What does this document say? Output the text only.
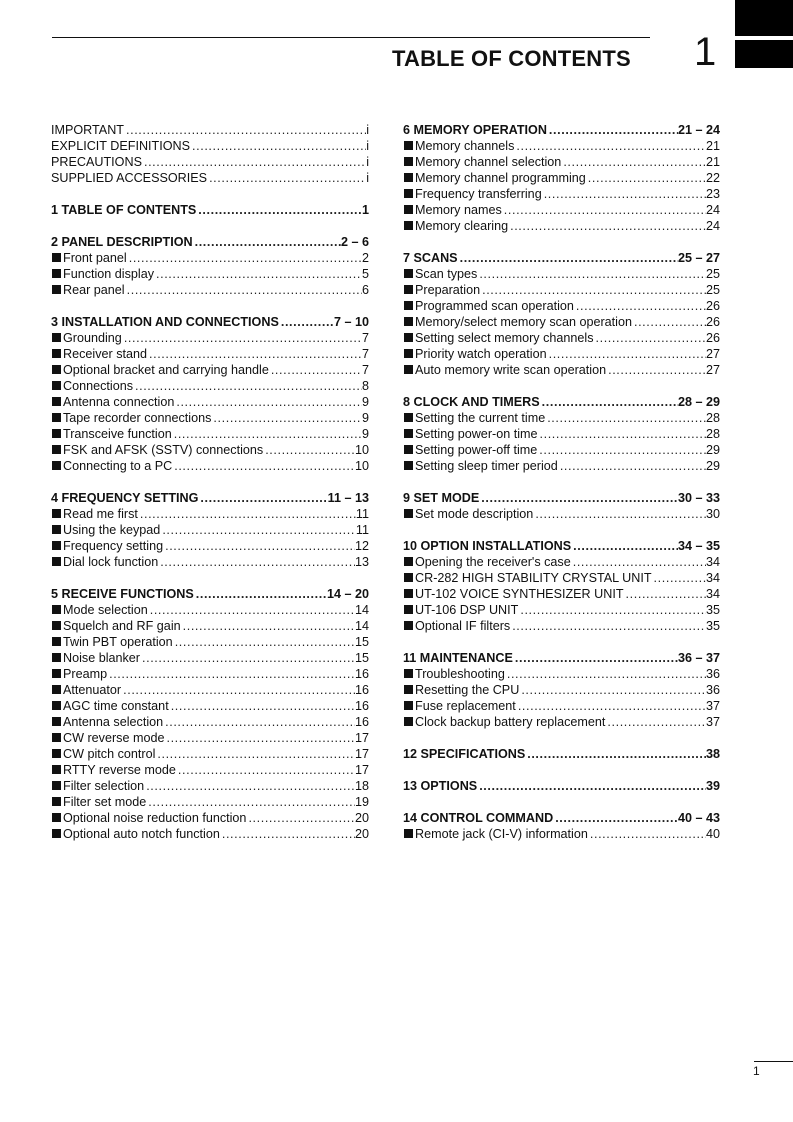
TABLE OF CONTENTS 1
IMPORTANT .....	i
EXPLICIT DEFINITIONS .....	i
PRECAUTIONS .....	i
SUPPLIED ACCESSORIES .....	i
1 TABLE OF CONTENTS .....	1
2 PANEL DESCRIPTION .....	2 – 6
Front panel .....	2
Function display .....	5
Rear panel .....	6
3 INSTALLATION AND CONNECTIONS .....	7 – 10
Grounding .....	7
Receiver stand .....	7
Optional bracket and carrying handle .....	7
Connections .....	8
Antenna connection .....	9
Tape recorder connections .....	9
Transceive function .....	9
FSK and AFSK (SSTV) connections .....	10
Connecting to a PC .....	10
4 FREQUENCY SETTING .....	11 – 13
Read me first .....	11
Using the keypad .....	11
Frequency setting .....	12
Dial lock function .....	13
5 RECEIVE FUNCTIONS .....	14 – 20
Mode selection .....	14
Squelch and RF gain .....	14
Twin PBT operation .....	15
Noise blanker .....	15
Preamp .....	16
Attenuator .....	16
AGC time constant .....	16
Antenna selection .....	16
CW reverse mode .....	17
CW pitch control .....	17
RTTY reverse mode .....	17
Filter selection .....	18
Filter set mode .....	19
Optional noise reduction function .....	20
Optional auto notch function .....	20
6 MEMORY OPERATION .....	21 – 24
Memory channels .....	21
Memory channel selection .....	21
Memory channel programming .....	22
Frequency transferring .....	23
Memory names .....	24
Memory clearing .....	24
7 SCANS .....	25 – 27
Scan types .....	25
Preparation .....	25
Programmed scan operation .....	26
Memory/select memory scan operation .....	26
Setting select memory channels .....	26
Priority watch operation .....	27
Auto memory write scan operation .....	27
8 CLOCK AND TIMERS .....	28 – 29
Setting the current time .....	28
Setting power-on time .....	28
Setting power-off time .....	29
Setting sleep timer period .....	29
9 SET MODE .....	30 – 33
Set mode description .....	30
10 OPTION INSTALLATIONS .....	34 – 35
Opening the receiver's case .....	34
CR-282 HIGH STABILITY CRYSTAL UNIT .....	34
UT-102 VOICE SYNTHESIZER UNIT .....	34
UT-106 DSP UNIT .....	35
Optional IF filters .....	35
11 MAINTENANCE .....	36 – 37
Troubleshooting .....	36
Resetting the CPU .....	36
Fuse replacement .....	37
Clock backup battery replacement .....	37
12 SPECIFICATIONS .....	38
13 OPTIONS .....	39
14 CONTROL COMMAND .....	40 – 43
Remote jack (CI-V) information .....	40
1
